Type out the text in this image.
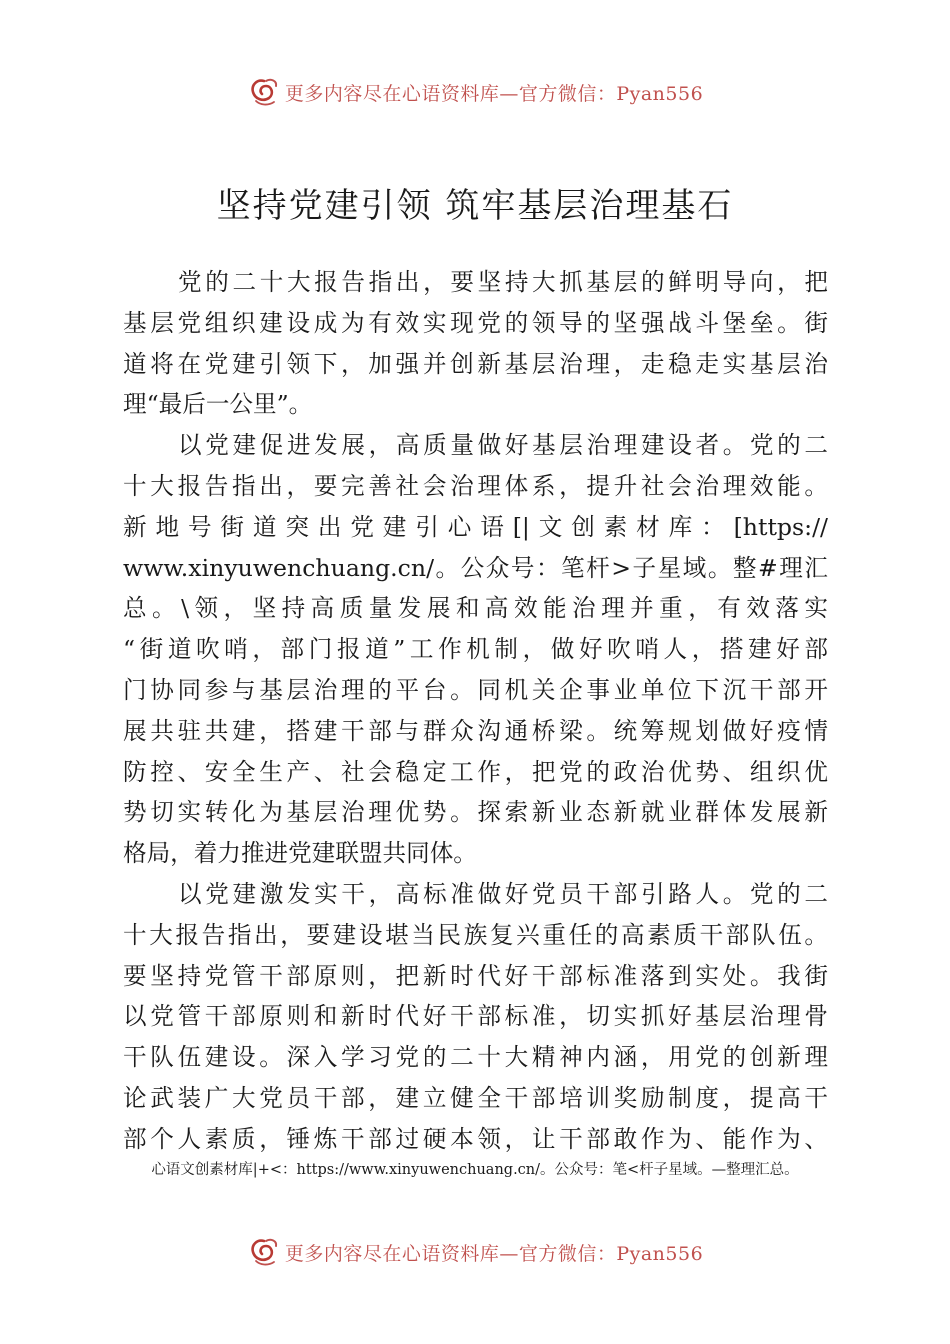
更多内容尽在心语资料库—官方微信：Pyan556
坚持党建引领 筑牢基层治理基石
党的二十大报告指出，要坚持大抓基层的鲜明导向，把
基层党组织建设成为有效实现党的领导的坚强战斗堡垒。街
道将在党建引领下，加强并创新基层治理，走稳走实基层治
理“最后一公里”。
以党建促进发展，高质量做好基层治理建设者。党的二
十大报告指出，要完善社会治理体系，提升社会治理效能。
新地号街道突出党建引心语[|文创素材库：[https://
www.xinyuwenchuang.cn/。公众号：笔杆>子星域。整#理汇
总。\领，坚持高质量发展和高效能治理并重，有效落实
“街道吹哨，部门报道”工作机制，做好吹哨人，搭建好部
门协同参与基层治理的平台。同机关企事业单位下沉干部开
展共驻共建，搭建干部与群众沟通桥梁。统筹规划做好疫情
防控、安全生产、社会稳定工作，把党的政治优势、组织优
势切实转化为基层治理优势。探索新业态新就业群体发展新
格局，着力推进党建联盟共同体。
以党建激发实干，高标准做好党员干部引路人。党的二
十大报告指出，要建设堪当民族复兴重任的高素质干部队伍。
要坚持党管干部原则，把新时代好干部标准落到实处。我街
以党管干部原则和新时代好干部标准，切实抓好基层治理骨
干队伍建设。深入学习党的二十大精神内涵，用党的创新理
论武装广大党员干部，建立健全干部培训奖励制度，提高干
部个人素质，锤炼干部过硬本领，让干部敢作为、能作为、
心语文创素材库|+<：https://www.xinyuwenchuang.cn/。公众号：笔<杆子星域。—整理汇总。
更多内容尽在心语资料库—官方微信：Pyan556
